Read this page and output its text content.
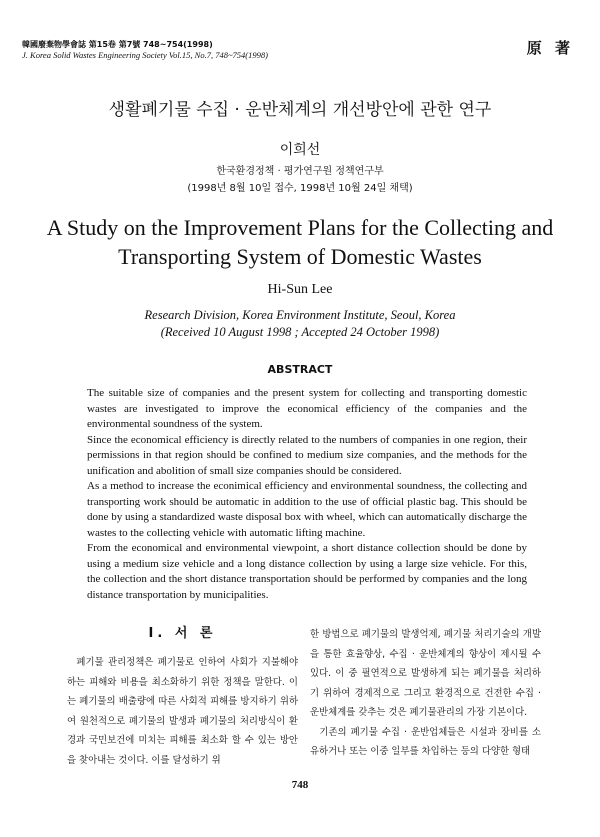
韓國廢棄物學會誌 第15卷 第7號 748~754(1998)
J. Korea Solid Wastes Engineering Society Vol.15, No.7, 748~754(1998)	原 著
생활폐기물 수집 · 운반체계의 개선방안에 관한 연구
이희선
한국환경정책 · 평가연구원 정책연구부
(1998년 8월 10일 접수, 1998년 10월 24일 채택)
A Study on the Improvement Plans for the Collecting and
Transporting System of Domestic Wastes
Hi-Sun Lee
Research Division, Korea Environment Institute, Seoul, Korea
(Received 10 August 1998 ; Accepted 24 October 1998)
ABSTRACT

The suitable size of companies and the present system for collecting and transporting domestic wastes are investigated to improve the economical efficiency of the companies and the environmental soundness of the system.

Since the economical efficiency is directly related to the numbers of companies in one region, their permissions in that region should be confined to medium size companies, and the methods for the unification and abolition of small size companies should be considered.

As a method to increase the econimical efficiency and environmental soundness, the collecting and transporting work should be automatic in addition to the use of official plastic bag. This should be done by using a standardized waste disposal box with wheel, which can automatically discharge the wastes to the collecting vehicle with automatic lifting machine.

From the economical and environmental viewpoint, a short distance collection should be done by using a medium size vehicle and a long distance collection by using a large size vehicle. For this, the collection and the short distance transportation should be performed by companies and the long distance transportation by municipalities.

Ⅰ. 서 론

폐기물 관리정책은 폐기물로 인하여 사회가 지불해야 하는 피해와 비용을 최소화하기 위한 정책을 말한다. 이는 폐기물의 배출량에 따른 사회적 피해를 방지하기 위하여 원천적으로 폐기물의 발생과 폐기물의 처리방식이 환경과 국민보건에 미치는 피해를 최소화 할 수 있는 방안을 찾아내는 것이다. 이를 달성하기 위

한 방법으로 폐기물의 발생억제, 폐기물 처리기술의 개발을 통한 효율향상, 수집 · 운반체계의 향상이 제시될 수 있다. 이 중 필연적으로 발생하게 되는 폐기물을 처리하기 위하여 경제적으로 그리고 환경적으로 건전한 수집 · 운반체계를 갖추는 것은 폐기물관리의 가장 기본이다.

기존의 폐기물 수집 · 운반업체들은 시설과 장비를 소유하거나 또는 이중 일부를 차입하는 등의 다양한 형태

748
